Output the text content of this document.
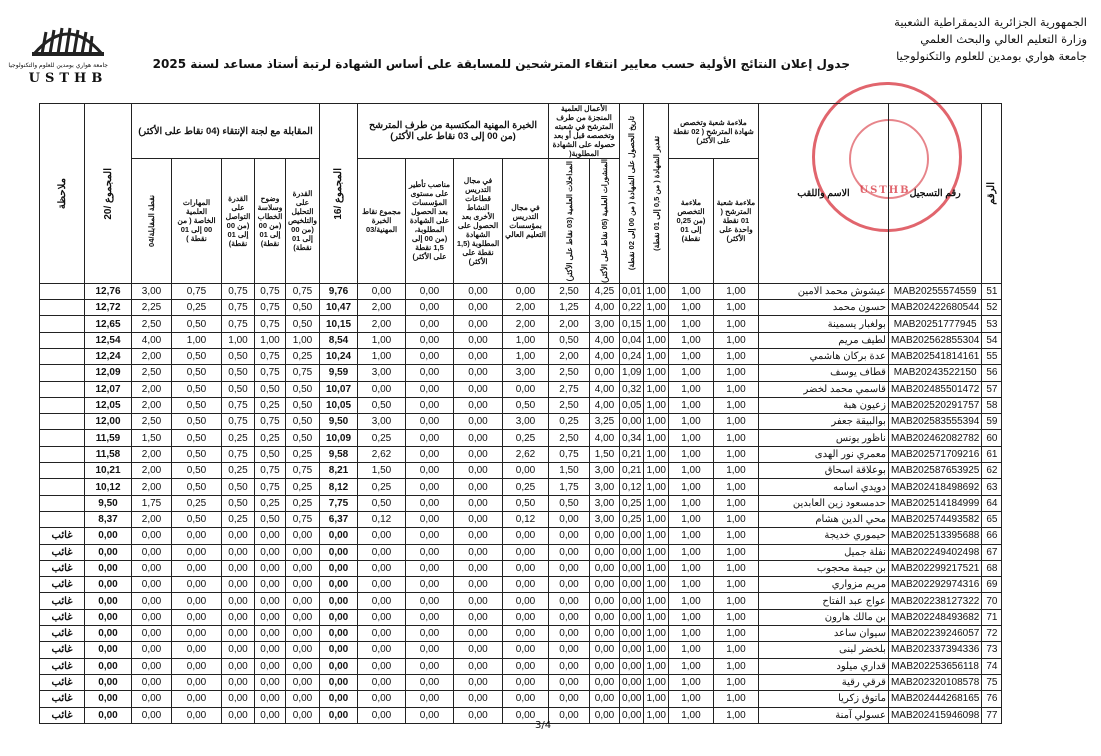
الجمهورية الجزائرية الديمقراطية الشعبية
وزارة التعليم العالي والبحث العلمي
جامعة هواري بومدين للعلوم والتكنولوجيا
جامعة هواري بومدين للعلوم والتكنولوجيا
USTHB
جدول إعلان النتائج الأولية حسب معايير انتقاء المترشحين للمسابقة على أساس الشهادة لرتبة أستاذ مساعد لسنة 2025
USTHB	الرقم	رقم التسجيل	الاسم واللقب	ملاءمة شعبة وتخصص شهادة المترشح ( 02 نقطة على الأكثر)		تقدير الشهادة ( من 0,5 إلى 01 نقطة)	تاريخ الحصول على الشهادة ( من 00 إلى 02 نقطة)	الأعمال العلمية المنجزة من طرف المترشح في شعبته وتخصصه قبل أو بعد حصوله على الشهادة المطلوبة(		الخبرة المهنية المكتسبة من طرف المترشح (من 00 إلى 03 نقاط على الأكثر)				المجموع /16	المقابلة مع لجنة الإنتقاء (04 نقاط على الأكثر)					المجموع /20	ملاحظة

			ملاءمة شعبة المترشح ( 01 نقطة واحدة على الأكثر)	ملاءمة التخصص (من 0,25 إلى 01 نقطة)			المنشورات العلمية (05 نقاط على الأكثر)	المداخلات العلمية (03 نقاط على الأكثر)	في مجال التدريس بمؤسسات التعليم العالي	في مجال التدريس قطاعات النشاط الأخرى بعد الحصول على الشهادة المطلوبة (1,5 نقطة على الأكثر)	مناصب تأطير على مستوى المؤسسات بعد الحصول على الشهادة المطلوبة، (من 00 إلى 1,5 نقطة على الأكثر)	مجموع نقاط الخبرة المهنية/03		القدرة على التحليل والتلخيص (من 00 إلى 01 نقطة)	وضوح وسلاسة الخطاب (من 00 إلى 01 نقطة)	القدرة على التواصل (من 00 إلى 01 نقطة)	المهارات العلمية الخاصة ( من 00 إلى 01 نقطة )	نقطة المقابلة/04		

51	MAB20255574559	عيشوش محمد الامين	1,00	1,00	1,00	0,01	4,25	2,50	0,00	0,00	0,00	0,00	9,76	0,75	0,75	0,75	0,75	3,00	12,76	
52	MAB202422680544	حسون محمد	1,00	1,00	1,00	0,22	4,00	1,25	2,00	0,00	0,00	2,00	10,47	0,50	0,75	0,75	0,25	2,25	12,72	
53	MAB20251777945	بولغبار يسمينة	1,00	1,00	1,00	0,15	3,00	2,00	2,00	0,00	0,00	2,00	10,15	0,50	0,75	0,75	0,50	2,50	12,65	
54	MAB202562855304	لطيف مريم	1,00	1,00	1,00	0,04	4,00	0,50	1,00	0,00	0,00	1,00	8,54	1,00	1,00	1,00	1,00	4,00	12,54	
55	MAB202541814161	عدة بركان هاشمي	1,00	1,00	1,00	0,24	4,00	2,00	1,00	0,00	0,00	1,00	10,24	0,25	0,75	0,50	0,50	2,00	12,24	
56	MAB20243522150	قطاف يوسف	1,00	1,00	1,00	1,09	0,00	2,50	3,00	0,00	0,00	3,00	9,59	0,75	0,75	0,50	0,50	2,50	12,09	
57	MAB202485501472	قاسمي محمد لخضر	1,00	1,00	1,00	0,32	4,00	2,75	0,00	0,00	0,00	0,00	10,07	0,50	0,50	0,50	0,50	2,00	12,07	
58	MAB202520291757	زعيون هبة	1,00	1,00	1,00	0,05	4,00	2,50	0,50	0,00	0,00	0,50	10,05	0,50	0,25	0,75	0,50	2,00	12,05	
59	MAB202583555394	بوالبيقة جعفر	1,00	1,00	1,00	0,00	3,25	0,25	3,00	0,00	0,00	3,00	9,50	0,50	0,75	0,75	0,50	2,50	12,00	
60	MAB202462082782	ناظور يونس	1,00	1,00	1,00	0,34	4,00	2,50	0,25	0,00	0,00	0,25	10,09	0,50	0,25	0,25	0,50	1,50	11,59	
61	MAB202571709216	معمري نور الهدى	1,00	1,00	1,00	0,21	1,50	0,75	2,62	0,00	0,00	2,62	9,58	0,25	0,50	0,75	0,50	2,00	11,58	
62	MAB202587653925	بوعلاقة اسحاق	1,00	1,00	1,00	0,21	3,00	1,50	0,00	0,00	0,00	1,50	8,21	0,75	0,75	0,25	0,50	2,00	10,21	
63	MAB202418498692	دويدي اسامه	1,00	1,00	1,00	0,12	3,00	1,75	0,25	0,00	0,00	0,25	8,12	0,25	0,75	0,50	0,50	2,00	10,12	
64	MAB202514184999	حدمسعود زين العابدين	1,00	1,00	1,00	0,25	3,00	0,50	0,50	0,00	0,00	0,50	7,75	0,25	0,25	0,50	0,25	1,75	9,50	
65	MAB202574493582	محي الدين هشام	1,00	1,00	1,00	0,25	3,00	0,00	0,12	0,00	0,00	0,12	6,37	0,75	0,50	0,25	0,50	2,00	8,37	
66	MAB202513395688	حيموري خديجة	1,00	1,00	1,00	0,00	0,00	0,00	0,00	0,00	0,00	0,00	0,00	0,00	0,00	0,00	0,00	0,00	0,00	غائب
67	MAB202249402498	نفلة جميل	1,00	1,00	1,00	0,00	0,00	0,00	0,00	0,00	0,00	0,00	0,00	0,00	0,00	0,00	0,00	0,00	0,00	غائب
68	MAB202299217521	بن جيمة محجوب	1,00	1,00	1,00	0,00	0,00	0,00	0,00	0,00	0,00	0,00	0,00	0,00	0,00	0,00	0,00	0,00	0,00	غائب
69	MAB202292974316	مريم مزواري	1,00	1,00	1,00	0,00	0,00	0,00	0,00	0,00	0,00	0,00	0,00	0,00	0,00	0,00	0,00	0,00	0,00	غائب
70	MAB202238127322	عواج عبد الفتاح	1,00	1,00	1,00	0,00	0,00	0,00	0,00	0,00	0,00	0,00	0,00	0,00	0,00	0,00	0,00	0,00	0,00	غائب
71	MAB202248493682	بن مالك هارون	1,00	1,00	1,00	0,00	0,00	0,00	0,00	0,00	0,00	0,00	0,00	0,00	0,00	0,00	0,00	0,00	0,00	غائب
72	MAB202239246057	سيوان ساعد	1,00	1,00	1,00	0,00	0,00	0,00	0,00	0,00	0,00	0,00	0,00	0,00	0,00	0,00	0,00	0,00	0,00	غائب
73	MAB202337394336	بلخضر لبنى	1,00	1,00	1,00	0,00	0,00	0,00	0,00	0,00	0,00	0,00	0,00	0,00	0,00	0,00	0,00	0,00	0,00	غائب
74	MAB202253656118	قداري ميلود	1,00	1,00	1,00	0,00	0,00	0,00	0,00	0,00	0,00	0,00	0,00	0,00	0,00	0,00	0,00	0,00	0,00	غائب
75	MAB202320108578	قرقي رقية	1,00	1,00	1,00	0,00	0,00	0,00	0,00	0,00	0,00	0,00	0,00	0,00	0,00	0,00	0,00	0,00	0,00	غائب
76	MAB202444268165	ماتوق زكريا	1,00	1,00	1,00	0,00	0,00	0,00	0,00	0,00	0,00	0,00	0,00	0,00	0,00	0,00	0,00	0,00	0,00	غائب
77	MAB202415946098	عسولي آمنة	1,00	1,00	1,00	0,00	0,00	0,00	0,00	0,00	0,00	0,00	0,00	0,00	0,00	0,00	0,00	0,00	0,00	غائب
3/4
